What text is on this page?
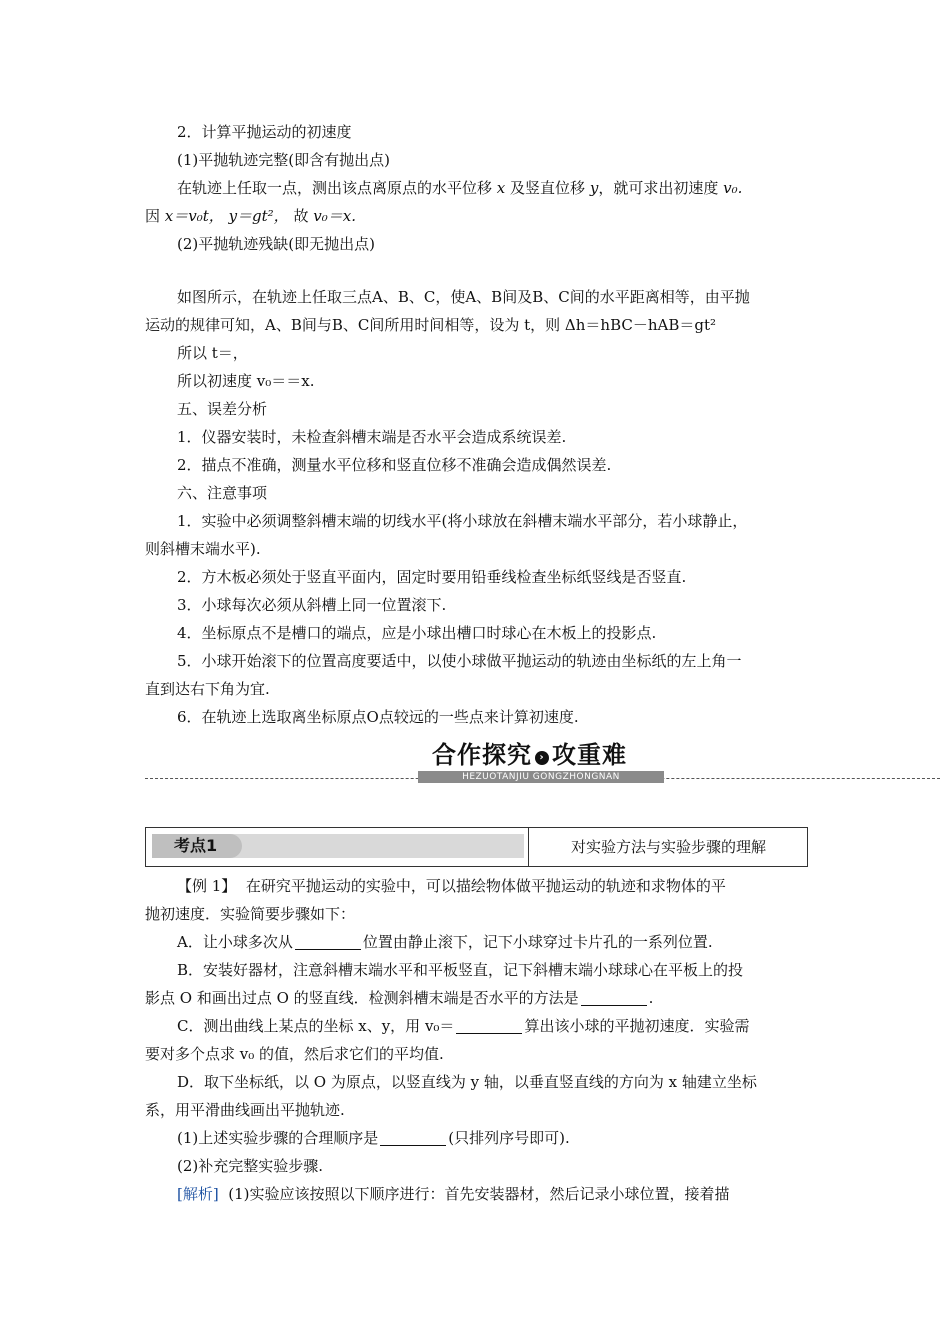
2．计算平抛运动的初速度
(1)平抛轨迹完整(即含有抛出点)
在轨迹上任取一点，测出该点离原点的水平位移 x 及竖直位移 y，就可求出初速度 v₀.
因 x＝v₀t， y＝gt²， 故 v₀＝x.
(2)平抛轨迹残缺(即无抛出点)
如图所示，在轨迹上任取三点A、B、C，使A、B间及B、C间的水平距离相等，由平抛
运动的规律可知，A、B间与B、C间所用时间相等，设为 t，则 Δh＝hBC－hAB＝gt²
所以 t＝，
所以初速度 v₀＝＝x.
五、误差分析
1．仪器安装时，未检查斜槽末端是否水平会造成系统误差.
2．描点不准确，测量水平位移和竖直位移不准确会造成偶然误差.
六、注意事项
1．实验中必须调整斜槽末端的切线水平(将小球放在斜槽末端水平部分，若小球静止，
则斜槽末端水平).
2．方木板必须处于竖直平面内，固定时要用铅垂线检查坐标纸竖线是否竖直.
3．小球每次必须从斜槽上同一位置滚下.
4．坐标原点不是槽口的端点，应是小球出槽口时球心在木板上的投影点.
5．小球开始滚下的位置高度要适中，以使小球做平抛运动的轨迹由坐标纸的左上角一
直到达右下角为宜.
6．在轨迹上选取离坐标原点O点较远的一些点来计算初速度.
合作探究 › 攻重难
HEZUOTANJIU GONGZHONGNAN
考点1	对实验方法与实验步骤的理解
【例 1】 在研究平抛运动的实验中，可以描绘物体做平抛运动的轨迹和求物体的平
抛初速度．实验简要步骤如下：
A．让小球多次从	位置由静止滚下，记下小球穿过卡片孔的一系列位置.
B．安装好器材，注意斜槽末端水平和平板竖直，记下斜槽末端小球球心在平板上的投
影点 O 和画出过点 O 的竖直线．检测斜槽末端是否水平的方法是	.
C．测出曲线上某点的坐标 x、y，用 v₀＝	算出该小球的平抛初速度．实验需
要对多个点求 v₀ 的值，然后求它们的平均值.
D．取下坐标纸，以 O 为原点，以竖直线为 y 轴，以垂直竖直线的方向为 x 轴建立坐标
系，用平滑曲线画出平抛轨迹.
(1)上述实验步骤的合理顺序是	(只排列序号即可).
(2)补充完整实验步骤.
[解析] (1)实验应该按照以下顺序进行：首先安装器材，然后记录小球位置，接着描
